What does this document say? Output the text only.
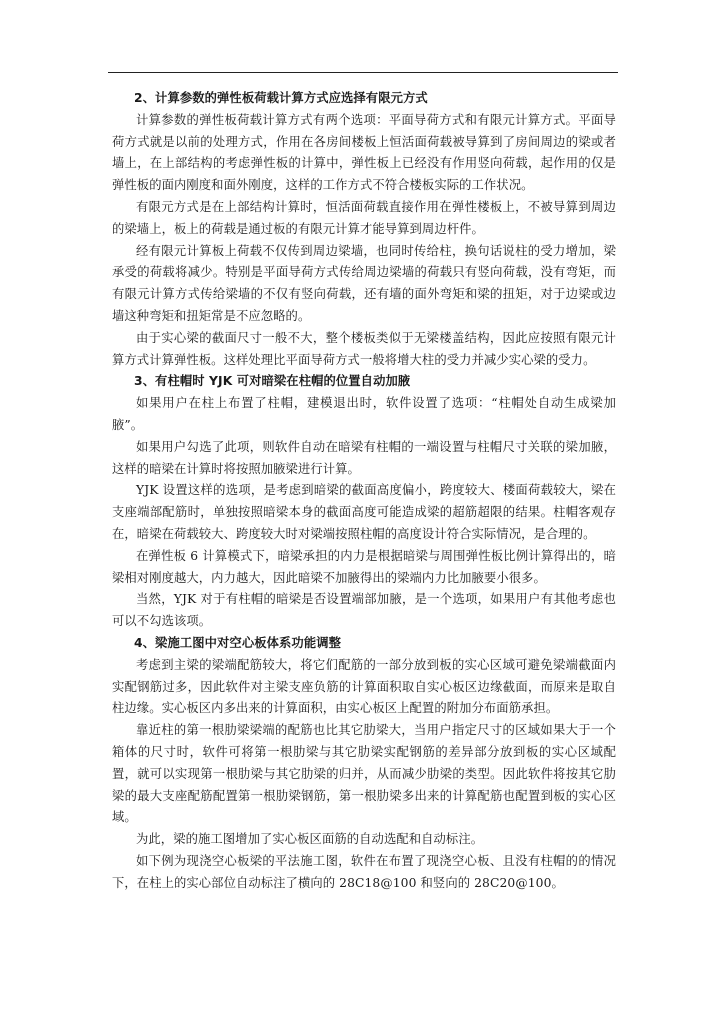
2、计算参数的弹性板荷载计算方式应选择有限元方式

计算参数的弹性板荷载计算方式有两个选项：平面导荷方式和有限元计算方式。平面导荷方式就是以前的处理方式，作用在各房间楼板上恒活面荷载被导算到了房间周边的梁或者墙上，在上部结构的考虑弹性板的计算中，弹性板上已经没有作用竖向荷载，起作用的仅是弹性板的面内刚度和面外刚度，这样的工作方式不符合楼板实际的工作状况。

有限元方式是在上部结构计算时，恒活面荷载直接作用在弹性楼板上，不被导算到周边的梁墙上，板上的荷载是通过板的有限元计算才能导算到周边杆件。

经有限元计算板上荷载不仅传到周边梁墙，也同时传给柱，换句话说柱的受力增加，梁承受的荷载将减少。特别是平面导荷方式传给周边梁墙的荷载只有竖向荷载，没有弯矩，而有限元计算方式传给梁墙的不仅有竖向荷载，还有墙的面外弯矩和梁的扭矩，对于边梁或边墙这种弯矩和扭矩常是不应忽略的。

由于实心梁的截面尺寸一般不大，整个楼板类似于无梁楼盖结构，因此应按照有限元计算方式计算弹性板。这样处理比平面导荷方式一般将增大柱的受力并减少实心梁的受力。

3、有柱帽时 YJK 可对暗梁在柱帽的位置自动加腋

如果用户在柱上布置了柱帽，建模退出时，软件设置了选项：“柱帽处自动生成梁加腋”。

如果用户勾选了此项，则软件自动在暗梁有柱帽的一端设置与柱帽尺寸关联的梁加腋，这样的暗梁在计算时将按照加腋梁进行计算。

YJK 设置这样的选项，是考虑到暗梁的截面高度偏小，跨度较大、楼面荷载较大，梁在支座端部配筋时，单独按照暗梁本身的截面高度可能造成梁的超筋超限的结果。柱帽客观存在，暗梁在荷载较大、跨度较大时对梁端按照柱帽的高度设计符合实际情况，是合理的。

在弹性板 6 计算模式下，暗梁承担的内力是根据暗梁与周围弹性板比例计算得出的，暗梁相对刚度越大，内力越大，因此暗梁不加腋得出的梁端内力比加腋要小很多。

当然，YJK 对于有柱帽的暗梁是否设置端部加腋，是一个选项，如果用户有其他考虑也可以不勾选该项。

4、梁施工图中对空心板体系功能调整

考虑到主梁的梁端配筋较大，将它们配筋的一部分放到板的实心区域可避免梁端截面内实配钢筋过多，因此软件对主梁支座负筋的计算面积取自实心板区边缘截面，而原来是取自柱边缘。实心板区内多出来的计算面积，由实心板区上配置的附加分布面筋承担。

靠近柱的第一根肋梁梁端的配筋也比其它肋梁大，当用户指定尺寸的区域如果大于一个箱体的尺寸时，软件可将第一根肋梁与其它肋梁实配钢筋的差异部分放到板的实心区域配置，就可以实现第一根肋梁与其它肋梁的归并，从而减少肋梁的类型。因此软件将按其它肋梁的最大支座配筋配置第一根肋梁钢筋，第一根肋梁多出来的计算配筋也配置到板的实心区域。

为此，梁的施工图增加了实心板区面筋的自动选配和自动标注。

如下例为现浇空心板梁的平法施工图，软件在布置了现浇空心板、且没有柱帽的的情况下，在柱上的实心部位自动标注了横向的 28C18@100 和竖向的 28C20@100。
